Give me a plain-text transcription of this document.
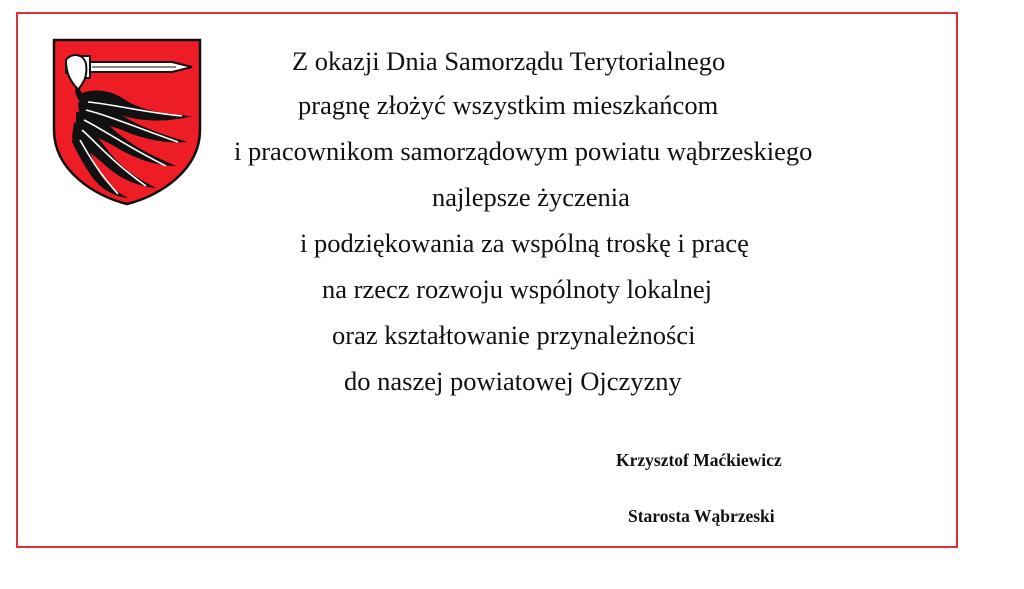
Z okazji Dnia Samorządu Terytorialnego
pragnę złożyć wszystkim mieszkańcom
i pracownikom samorządowym powiatu wąbrzeskiego
najlepsze życzenia
i podziękowania za wspólną troskę i pracę
na rzecz rozwoju wspólnoty lokalnej
oraz kształtowanie przynależności
do naszej powiatowej Ojczyzny
Krzysztof Maćkiewicz
Starosta Wąbrzeski
